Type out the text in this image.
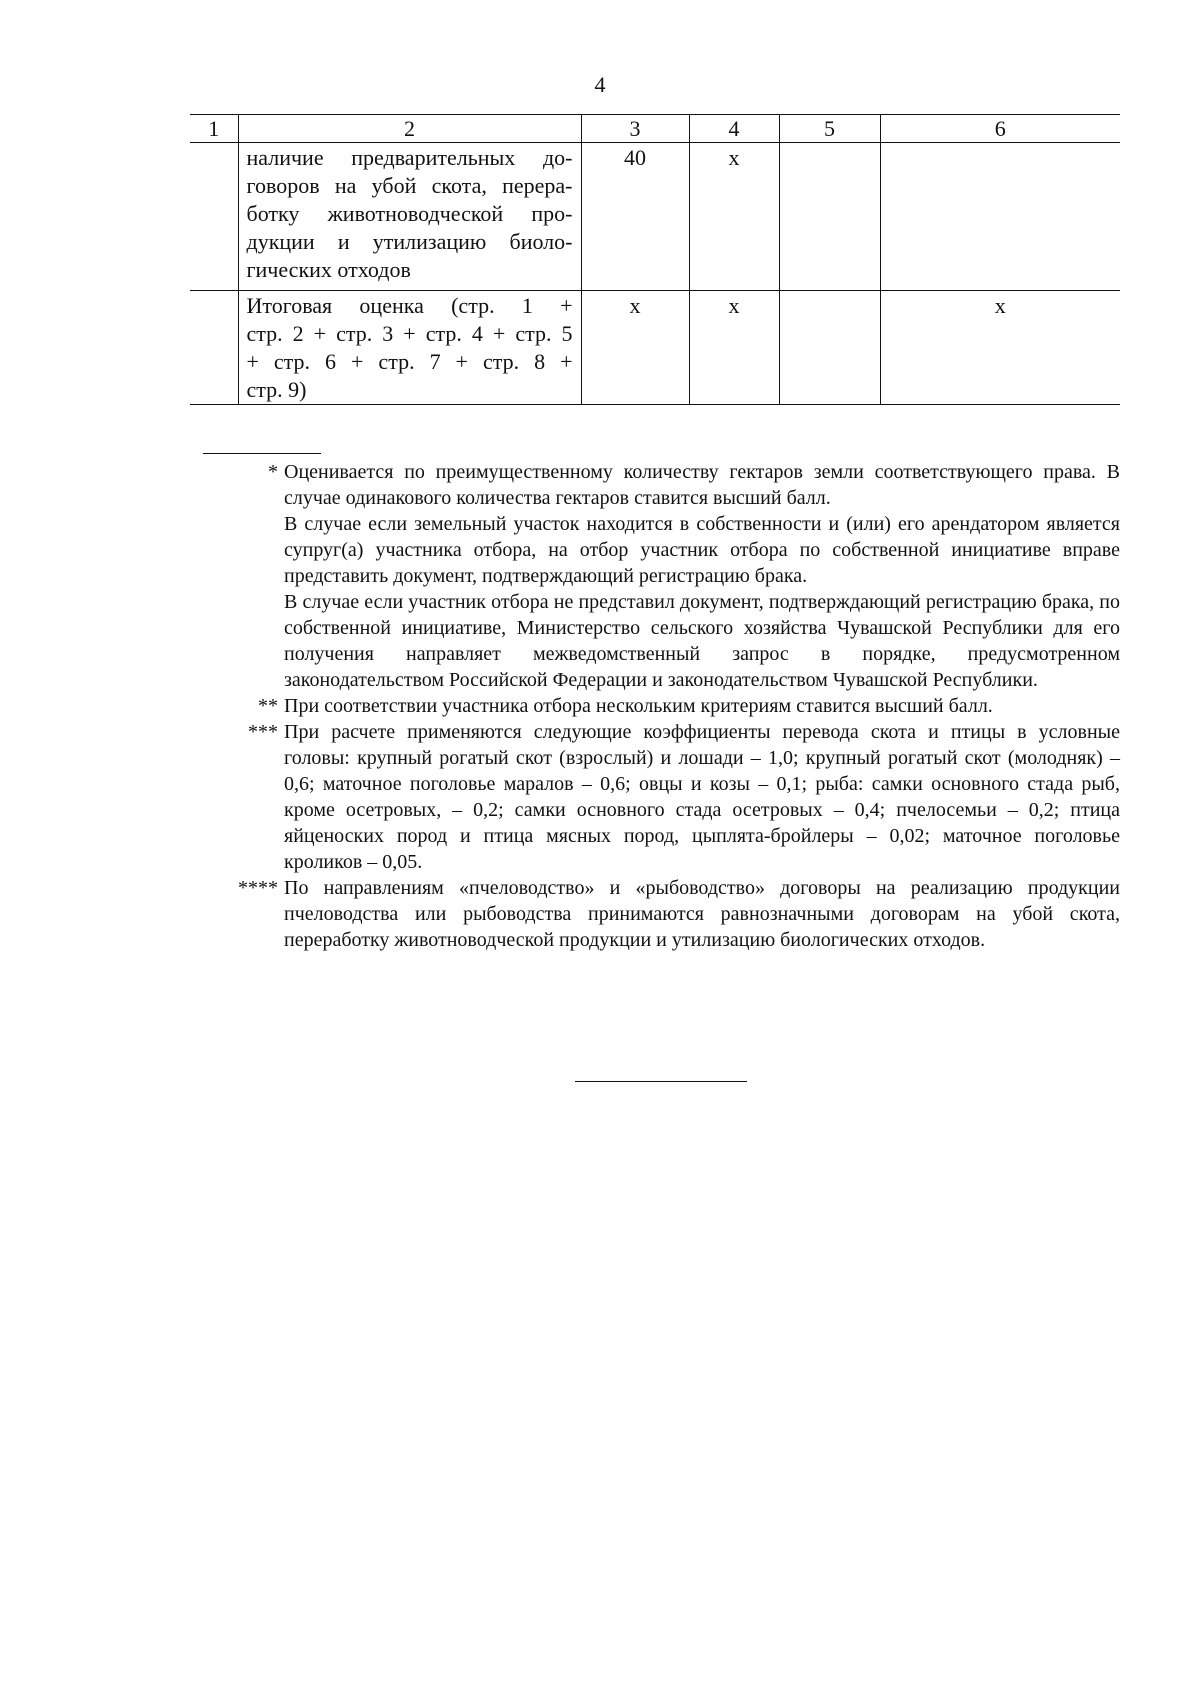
4
1	2	3	4	5	6

	наличие предварительных до-
говоров на убой скота, перера-
ботку животноводческой про-
дукции и утилизацию биоло-
гических отходов	40	х		

	Итоговая оценка (стр. 1 +
стр. 2 + стр. 3 + стр. 4 + стр. 5
+ стр. 6 + стр. 7 + стр. 8 +
стр. 9)	х	х		х
* Оценивается по преимущественному количеству гектаров земли соответствующего права. В случае одинакового количества гектаров ставится высший балл.

В случае если земельный участок находится в собственности и (или) его арендатором является супруг(а) участника отбора, на отбор участник отбора по собственной инициативе вправе представить документ, подтверждающий регистрацию брака.

В случае если участник отбора не представил документ, подтверждающий регистрацию брака, по собственной инициативе, Министерство сельского хозяйства Чувашской Республики для его получения направляет межведомственный запрос в порядке, предусмотренном законодательством Российской Федерации и законодательством Чувашской Республики.

** При соответствии участника отбора нескольким критериям ставится высший балл.

*** При расчете применяются следующие коэффициенты перевода скота и птицы в условные головы: крупный рогатый скот (взрослый) и лошади – 1,0; крупный рогатый скот (молодняк) – 0,6; маточное поголовье маралов – 0,6; овцы и козы – 0,1; рыба: самки основного стада рыб, кроме осетровых, – 0,2; самки основного стада осетровых – 0,4; пчелосемьи – 0,2; птица яйценоских пород и птица мясных пород, цыплята-бройлеры – 0,02; маточное поголовье кроликов – 0,05.

**** По направлениям «пчеловодство» и «рыбоводство» договоры на реализацию продукции пчеловодства или рыбоводства принимаются равнозначными договорам на убой скота, переработку животноводческой продукции и утилизацию биологических отходов.
